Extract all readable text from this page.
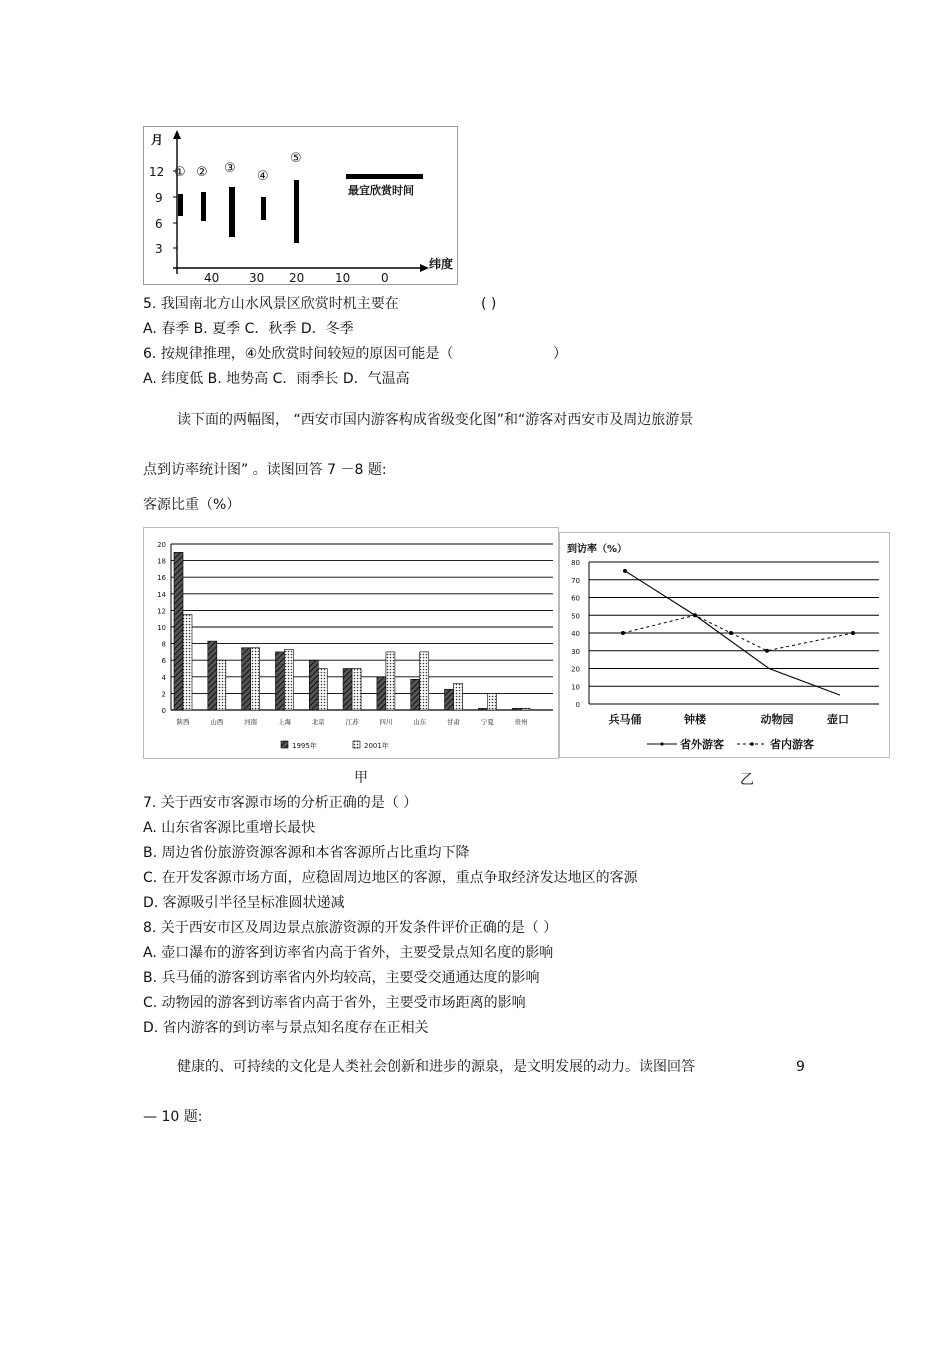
月
纬度
12
9
6
3
40 30 20	10	0
① ② ③
④
⑤
最宜欣赏时间
5. 我国南北方山水风景区欣赏时机主要在	( )
A. 春季 B. 夏季 C．秋季 D．冬季
6. 按规律推理，④处欣赏时间较短的原因可能是（	）
A. 纬度低 B. 地势高 C．雨季长 D．气温高
读下面的两幅图， “西安市国内游客构成省级变化图”和“游客对西安市及周边旅游景
点到访率统计图” 。读图回答 7 －8 题:
客源比重（%）
0
2
4
6
8
10
12
14
16
18
20
陕西	山西	河南	上海	北京	江苏	四川	山东	甘肃	宁夏	贵州
1995年	2001年
到访率（%）
0
10
20
30
40
50
60
70
80
兵马俑	钟楼	动物园	壶口
省外游客	省内游客
甲	乙
7. 关于西安市客源市场的分析正确的是（ ）
A. 山东省客源比重增长最快
B. 周边省份旅游资源客源和本省客源所占比重均下降
C. 在开发客源市场方面，应稳固周边地区的客源，重点争取经济发达地区的客源
D. 客源吸引半径呈标准圆状递减
8. 关于西安市区及周边景点旅游资源的开发条件评价正确的是（ ）
A. 壶口瀑布的游客到访率省内高于省外，主要受景点知名度的影响
B. 兵马俑的游客到访率省内外均较高，主要受交通通达度的影响
C. 动物园的游客到访率省内高于省外，主要受市场距离的影响
D. 省内游客的到访率与景点知名度存在正相关
健康的、可持续的文化是人类社会创新和进步的源泉，是文明发展的动力。读图回答	9
— 10 题:
